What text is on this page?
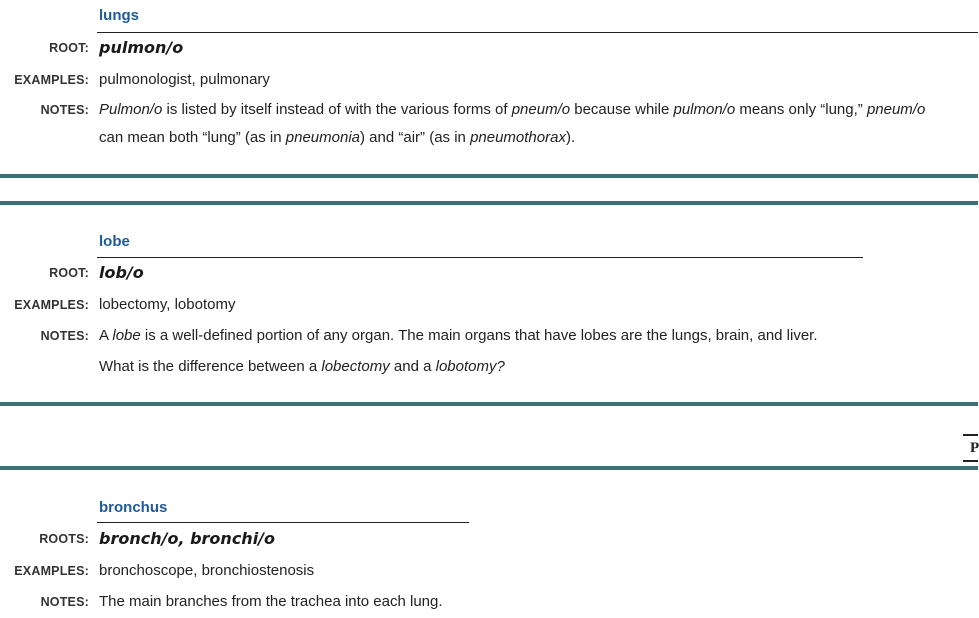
lungs
ROOT: pulmon/o
EXAMPLES: pulmonologist, pulmonary
NOTES: Pulmon/o is listed by itself instead of with the various forms of pneum/o because while pulmon/o means only “lung,” pneum/o
can mean both “lung” (as in pneumonia) and “air” (as in pneumothorax).
lobe
ROOT: lob/o
EXAMPLES: lobectomy, lobotomy
NOTES: A lobe is a well-defined portion of any organ. The main organs that have lobes are the lungs, brain, and liver.
What is the difference between a lobectomy and a lobotomy?
P
bronchus
ROOTS: bronch/o, bronchi/o
EXAMPLES: bronchoscope, bronchiostenosis
NOTES: The main branches from the trachea into each lung.
